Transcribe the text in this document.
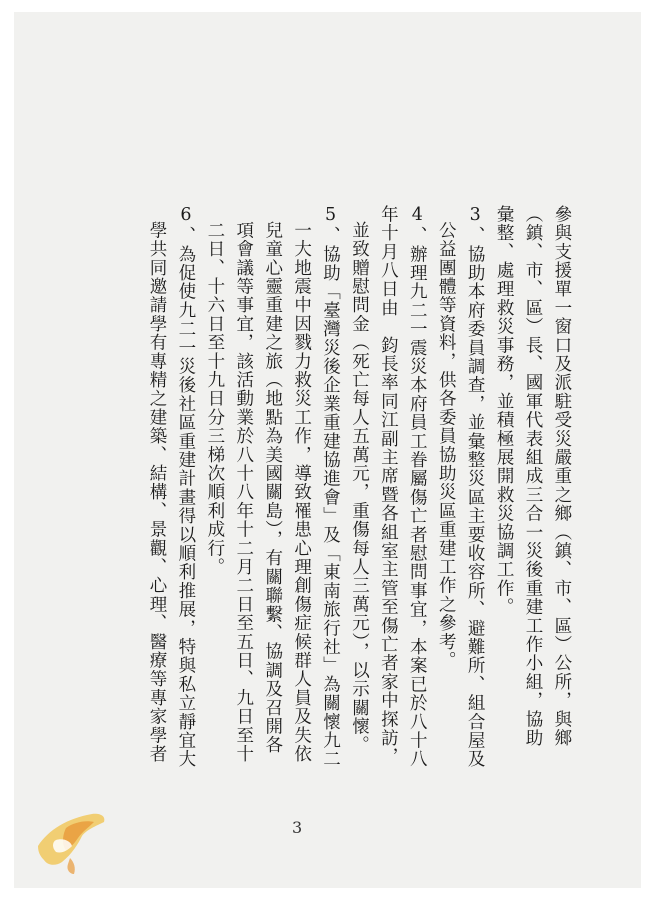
參與支援單一窗口及派駐受災嚴重之鄉（鎮、市、區）公所，與鄉
（鎮、市、區）長、國軍代表組成三合一災後重建工作小組，協助
彙整、處理救災事務，並積極展開救災協調工作。
3、協助本府委員調查，並彙整災區主要收容所、避難所、組合屋及
公益團體等資料，供各委員協助災區重建工作之參考。
4、辦理九二一震災本府員工眷屬傷亡者慰問事宜，本案已於八十八
年十月八日由　鈞長率同江副主席暨各組室主管至傷亡者家中探訪，
並致贈慰問金（死亡每人五萬元，重傷每人三萬元），以示關懷。
5、協助「臺灣災後企業重建協進會」及「東南旅行社」為關懷九二
一大地震中因戮力救災工作，導致罹患心理創傷症候群人員及失依
兒童心靈重建之旅（地點為美國關島），有關聯繫、協調及召開各
項會議等事宜，該活動業於八十八年十二月二日至五日、九日至十
二日、十六日至十九日分三梯次順利成行。
6、為促使九二一災後社區重建計畫得以順利推展，特與私立靜宜大
學共同邀請學有專精之建築、結構、景觀、心理、醫療等專家學者
3
